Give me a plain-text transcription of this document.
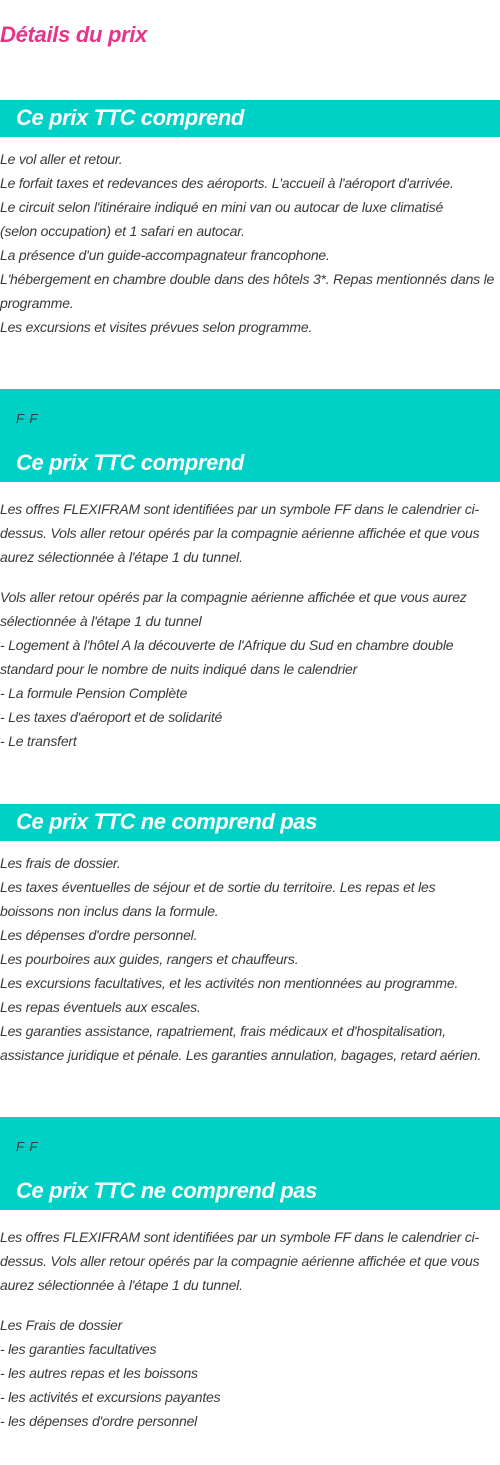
Détails du prix
Ce prix TTC comprend
Le vol aller et retour.
Le forfait taxes et redevances des aéroports. L'accueil à l'aéroport d'arrivée.
Le circuit selon l'itinéraire indiqué en mini van ou autocar de luxe climatisé
(selon occupation) et 1 safari en autocar.
La présence d'un guide-accompagnateur francophone.
L'hébergement en chambre double dans des hôtels 3*. Repas mentionnés dans le
programme.
Les excursions et visites prévues selon programme.
F F
Ce prix TTC comprend
Les offres FLEXIFRAM sont identifiées par un symbole FF dans le calendrier ci-
dessus. Vols aller retour opérés par la compagnie aérienne affichée et que vous
aurez sélectionnée à l'étape 1 du tunnel.
Vols aller retour opérés par la compagnie aérienne affichée et que vous aurez
sélectionnée à l'étape 1 du tunnel
- Logement à l'hôtel A la découverte de l'Afrique du Sud en chambre double
standard pour le nombre de nuits indiqué dans le calendrier
- La formule Pension Complète
- Les taxes d'aéroport et de solidarité
- Le transfert
Ce prix TTC ne comprend pas
Les frais de dossier.
Les taxes éventuelles de séjour et de sortie du territoire. Les repas et les
boissons non inclus dans la formule.
Les dépenses d'ordre personnel.
Les pourboires aux guides, rangers et chauffeurs.
Les excursions facultatives, et les activités non mentionnées au programme.
Les repas éventuels aux escales.
Les garanties assistance, rapatriement, frais médicaux et d'hospitalisation,
assistance juridique et pénale. Les garanties annulation, bagages, retard aérien.
F F
Ce prix TTC ne comprend pas
Les offres FLEXIFRAM sont identifiées par un symbole FF dans le calendrier ci-
dessus. Vols aller retour opérés par la compagnie aérienne affichée et que vous
aurez sélectionnée à l'étape 1 du tunnel.
Les Frais de dossier
- les garanties facultatives
- les autres repas et les boissons
- les activités et excursions payantes
- les dépenses d'ordre personnel
